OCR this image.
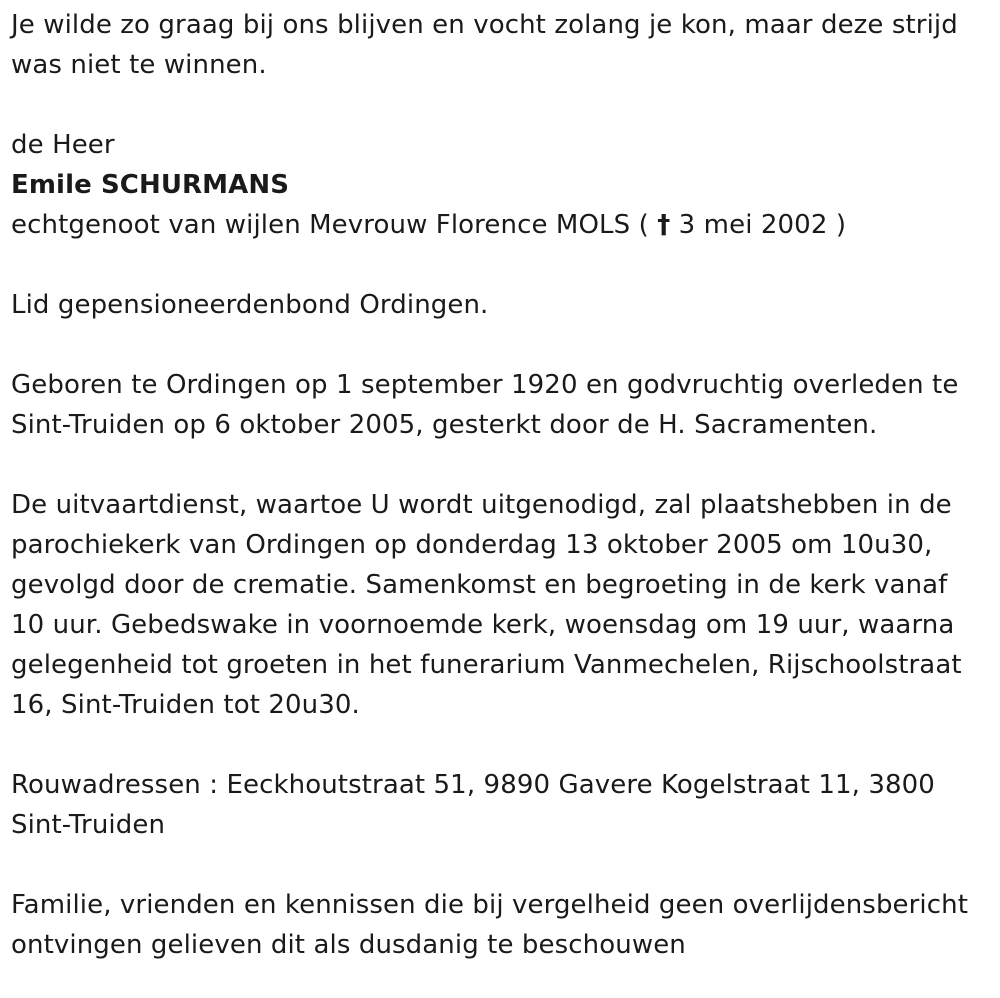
Je wilde zo graag bij ons blijven en vocht zolang je kon, maar deze strijd

was niet te winnen.

de Heer

Emile SCHURMANS

echtgenoot van wijlen Mevrouw Florence MOLS ( † 3 mei 2002 )

Lid gepensioneerdenbond Ordingen.

Geboren te Ordingen op 1 september 1920 en godvruchtig overleden te

Sint-Truiden op 6 oktober 2005, gesterkt door de H. Sacramenten.

De uitvaartdienst, waartoe U wordt uitgenodigd, zal plaatshebben in de

parochiekerk van Ordingen op donderdag 13 oktober 2005 om 10u30,

gevolgd door de crematie. Samenkomst en begroeting in de kerk vanaf

10 uur. Gebedswake in voornoemde kerk, woensdag om 19 uur, waarna

gelegenheid tot groeten in het funerarium Vanmechelen, Rijschoolstraat

16, Sint-Truiden tot 20u30.

Rouwadressen : Eeckhoutstraat 51, 9890 Gavere Kogelstraat 11, 3800

Sint-Truiden

Familie, vrienden en kennissen die bij vergelheid geen overlijdensbericht

ontvingen gelieven dit als dusdanig te beschouwen
